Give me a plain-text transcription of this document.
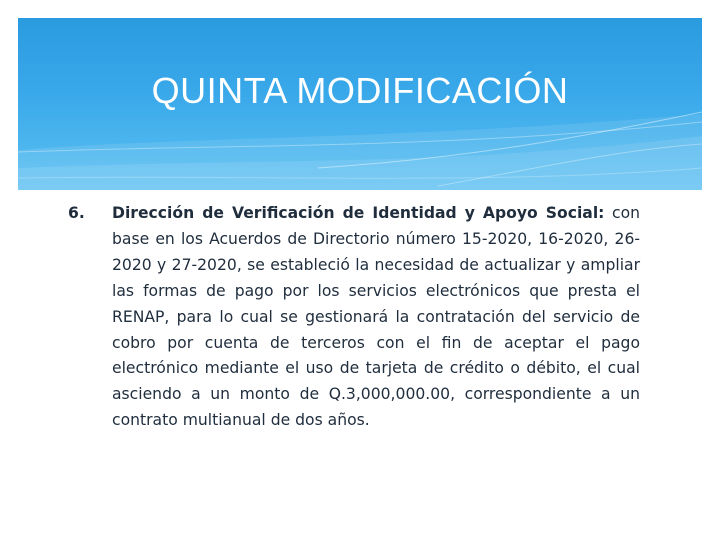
QUINTA MODIFICACIÓN
6.	Dirección de Verificación de Identidad y Apoyo Social: con base en los Acuerdos de Directorio número 15-2020, 16-2020, 26-2020 y 27-2020, se estableció la necesidad de actualizar y ampliar las formas de pago por los servicios electrónicos que presta el RENAP, para lo cual se gestionará la contratación del servicio de cobro por cuenta de terceros con el fin de aceptar el pago electrónico mediante el uso de tarjeta de crédito o débito, el cual asciendo a un monto de Q.3,000,000.00, correspondiente a un contrato multianual de dos años.
